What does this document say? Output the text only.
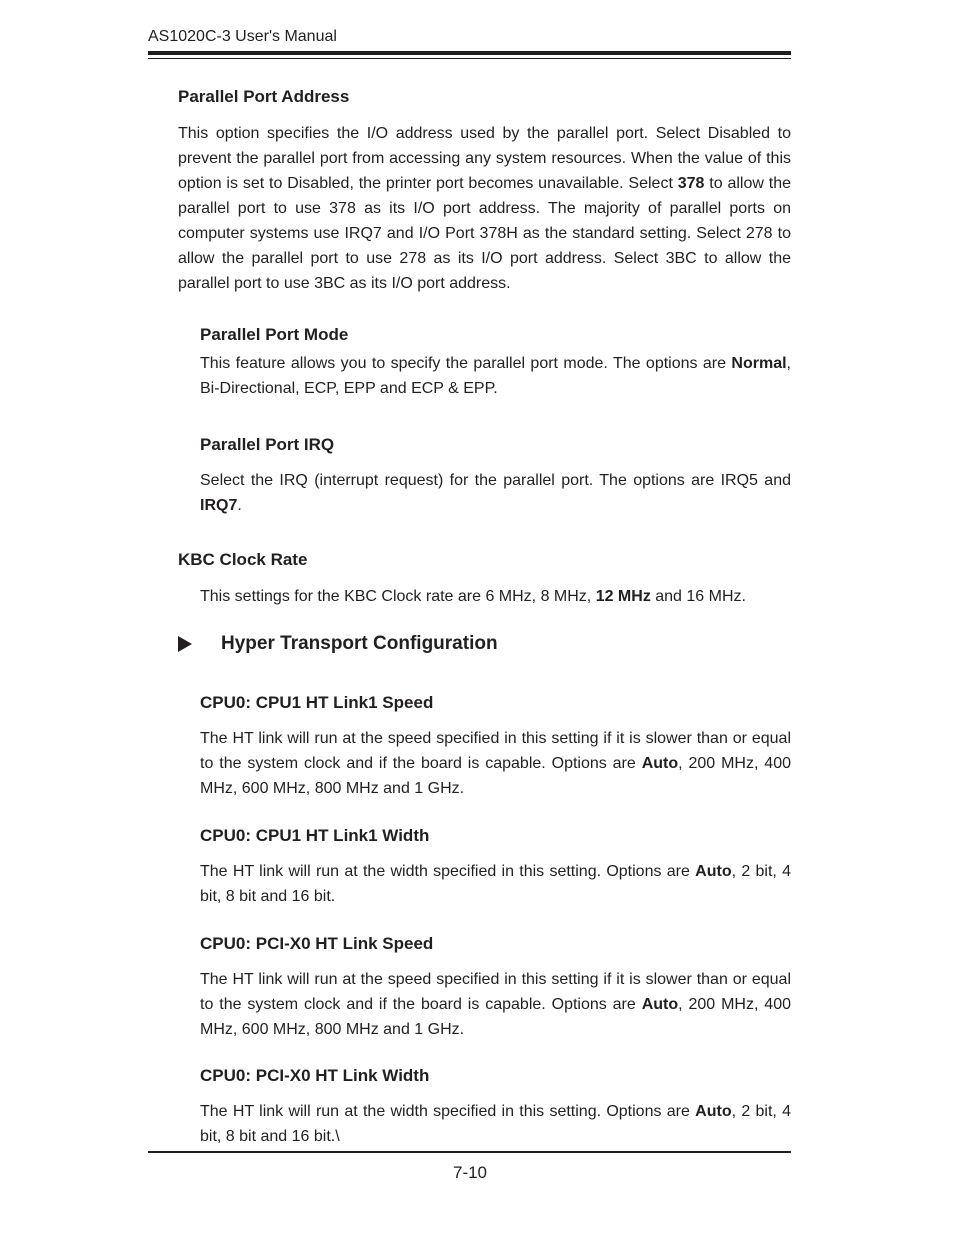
AS1020C-3 User's Manual
Parallel Port Address

This option specifies the I/O address used by the parallel port. Select Disabled to prevent the parallel port from accessing any system resources. When the value of this option is set to Disabled, the printer port becomes unavailable. Select 378 to allow the parallel port to use 378 as its I/O port address. The majority of parallel ports on computer systems use IRQ7 and I/O Port 378H as the standard setting. Select 278 to allow the parallel port to use 278 as its I/O port address. Select 3BC to allow the parallel port to use 3BC as its I/O port address.

Parallel Port Mode

This feature allows you to specify the parallel port mode. The options are Normal, Bi-Directional, ECP, EPP and ECP & EPP.

Parallel Port IRQ

Select the IRQ (interrupt request) for the parallel port. The options are IRQ5 and IRQ7.

KBC Clock Rate

This settings for the KBC Clock rate are 6 MHz, 8 MHz, 12 MHz and 16 MHz.

Hyper Transport Configuration
CPU0: CPU1 HT Link1 Speed

The HT link will run at the speed specified in this setting if it is slower than or equal to the system clock and if the board is capable. Options are Auto, 200 MHz, 400 MHz, 600 MHz, 800 MHz and 1 GHz.

CPU0: CPU1 HT Link1 Width

The HT link will run at the width specified in this setting. Options are Auto, 2 bit, 4 bit, 8 bit and 16 bit.

CPU0: PCI-X0 HT Link Speed

The HT link will run at the speed specified in this setting if it is slower than or equal to the system clock and if the board is capable. Options are Auto, 200 MHz, 400 MHz, 600 MHz, 800 MHz and 1 GHz.

CPU0: PCI-X0 HT Link Width

The HT link will run at the width specified in this setting. Options are Auto, 2 bit, 4 bit, 8 bit and 16 bit.\

7-10
